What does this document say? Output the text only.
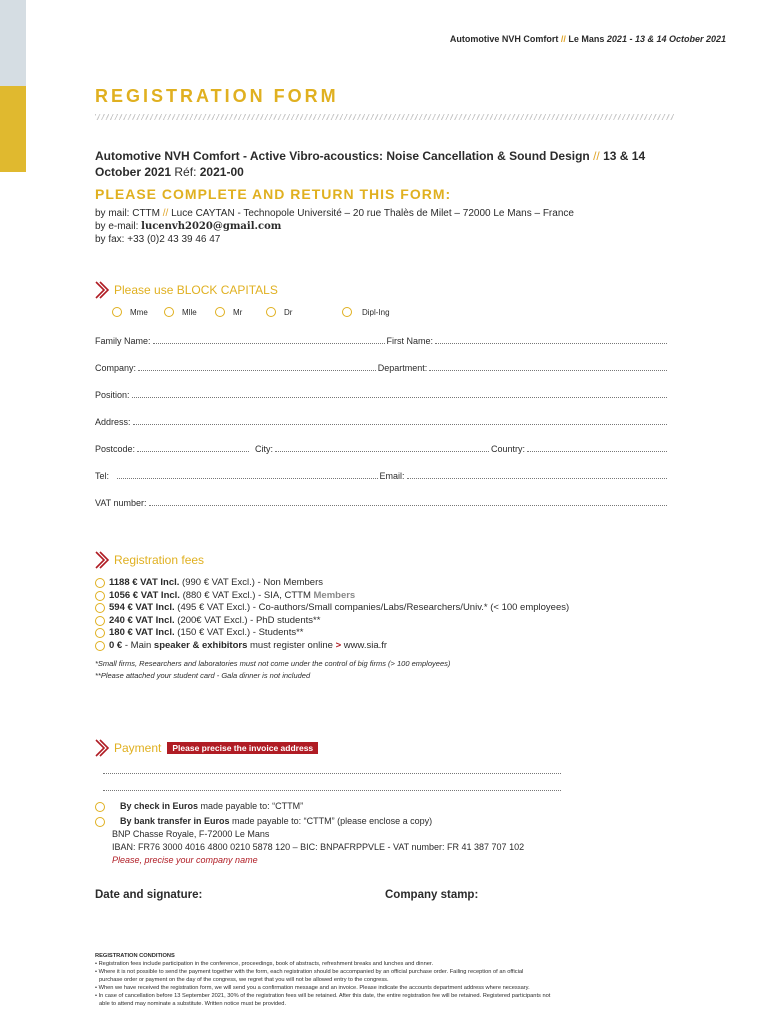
Automotive NVH Comfort // Le Mans 2021 - 13 & 14 October 2021
REGISTRATION FORM
Automotive NVH Comfort - Active Vibro-acoustics: Noise Cancellation & Sound Design // 13 & 14 October 2021 Réf: 2021-00
PLEASE COMPLETE AND RETURN THIS FORM:
by mail: CTTM // Luce CAYTAN - Technopole Université – 20 rue Thalès de Milet – 72000 Le Mans – France
by e-mail: lucenvh2020@gmail.com
by fax: +33 (0)2 43 39 46 47
Please use BLOCK CAPITALS
Mme	Mlle	Mr	Dr	Dipl-Ing
Family Name:	First Name:
Company:	Department:
Position:
Address:
Postcode:	City:	Country:
Tel:	Email:
VAT number:
Registration fees
1188 € VAT Incl.
(990 € VAT Excl.) - Non Members
1056 € VAT Incl.
(880 € VAT Excl.) - SIA, CTTM
Members
594 € VAT Incl.
(495 € VAT Excl.) - Co-authors/Small companies/Labs/Researchers/Univ.* (< 100 employees)
240 € VAT Incl.
(200€ VAT Excl.) - PhD students**
180 € VAT Incl.
(150 € VAT Excl.) - Students**
0 € - Main speaker & exhibitors must register online > www.sia.fr
*Small firms, Researchers and laboratories must not come under the control of big firms (> 100 employees)
**Please attached your student card - Gala dinner is not included
Payment	Please precise the invoice address
By check in Euros made payable to: “CTTM”
By bank transfer in Euros made payable to: “CTTM” (please enclose a copy)
BNP Chasse Royale, F-72000 Le Mans
IBAN: FR76 3000 4016 4800 0210 5878 120 – BIC: BNPAFRPPVLE - VAT number: FR 41 387 707 102
Please, precise your company name
Date and signature:	Company stamp:
REGISTRATION CONDITIONS
• Registration fees include participation in the conference, proceedings, book of abstracts, refreshment breaks and lunches and dinner.
• Where it is not possible to send the payment together with the form, each registration should be accompanied by an official purchase order. Failing reception of an official
purchase order or payment on the day of the congress, we regret that you will not be allowed entry to the congress.
• When we have received the registration form, we will send you a confirmation message and an invoice. Please indicate the accounts department address where necessary.
• In case of cancellation before 13 September 2021, 30% of the registration fees will be retained. After this date, the entire registration fee will be retained. Registered participants not
able to attend may nominate a substitute. Written notice must be provided.
